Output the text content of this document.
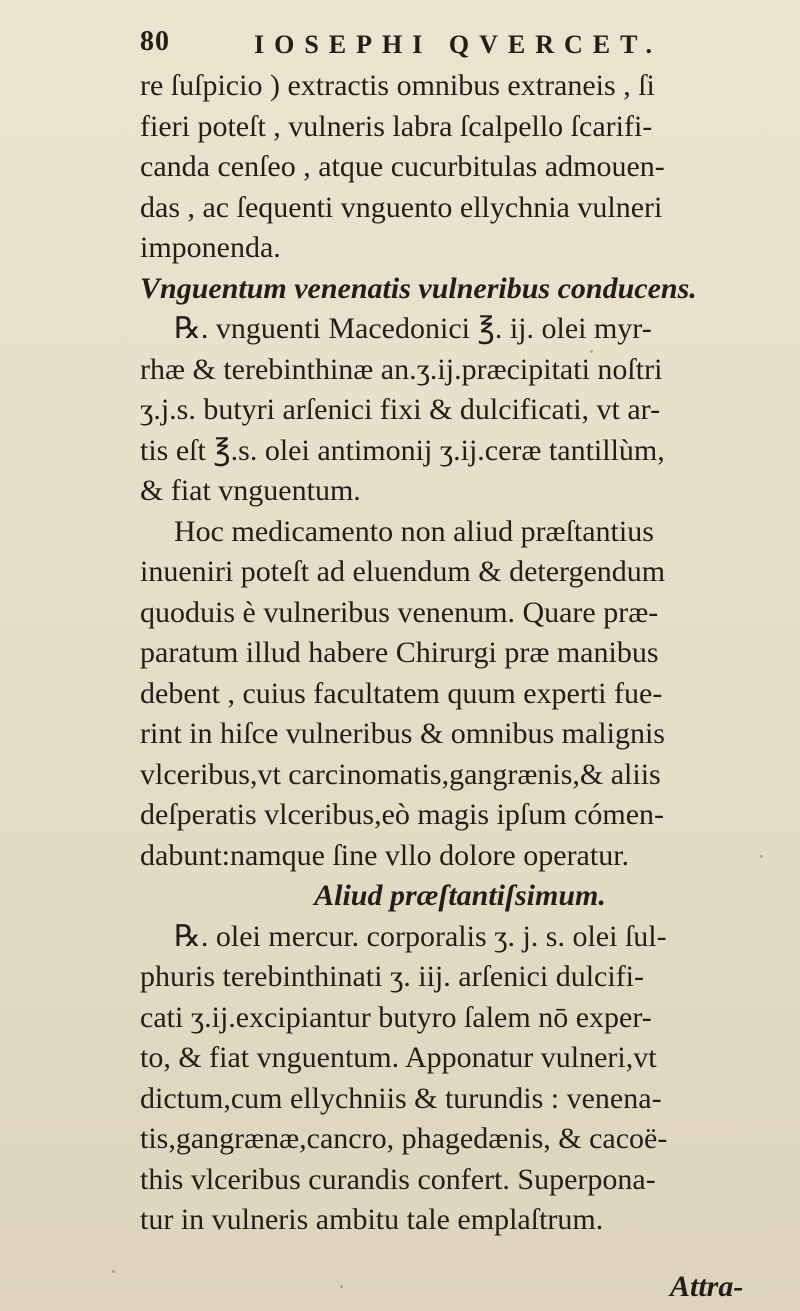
80	IOSEPHI QVERCET.
re ſuſpicio ) extractis omnibus extraneis , ſi
fieri poteſt , vulneris labra ſcalpello ſcarifi-
canda cenſeo , atque cucurbitulas admouen-
das , ac ſequenti vnguento ellychnia vulneri
imponenda.
Vnguentum venenatis vulneribus conducens.
℞. vnguenti Macedonici ℥. ij. olei myr-
rhæ & terebinthinæ an.ʒ.ij.præcipitati noſtri
ʒ.j.s. butyri arſenici fixi & dulcificati, vt ar-
tis eſt ℥.s. olei antimonij ʒ.ij.ceræ tantillùm,
& fiat vnguentum.
Hoc medicamento non aliud præſtantius
inueniri poteſt ad eluendum & detergendum
quoduis è vulneribus venenum. Quare præ-
paratum illud habere Chirurgi præ manibus
debent , cuius facultatem quum experti fue-
rint in hiſce vulneribus & omnibus malignis
vlceribus,vt carcinomatis,gangrænis,& aliis
deſperatis vlceribus,eò magis ipſum cómen-
dabunt:namque ſine vllo dolore operatur.
Aliud præſtantiſsimum.
℞. olei mercur. corporalis ʒ. j. s. olei ſul-
phuris terebinthinati ʒ. iij. arſenici dulcifi-
cati ʒ.ij.excipiantur butyro ſalem nō exper-
to, & fiat vnguentum. Apponatur vulneri,vt
dictum,cum ellychniis & turundis : venena-
tis,gangrænæ,cancro, phagedænis, & cacoë-
this vlceribus curandis confert. Superpona-
tur in vulneris ambitu tale emplaſtrum.
Attra-
